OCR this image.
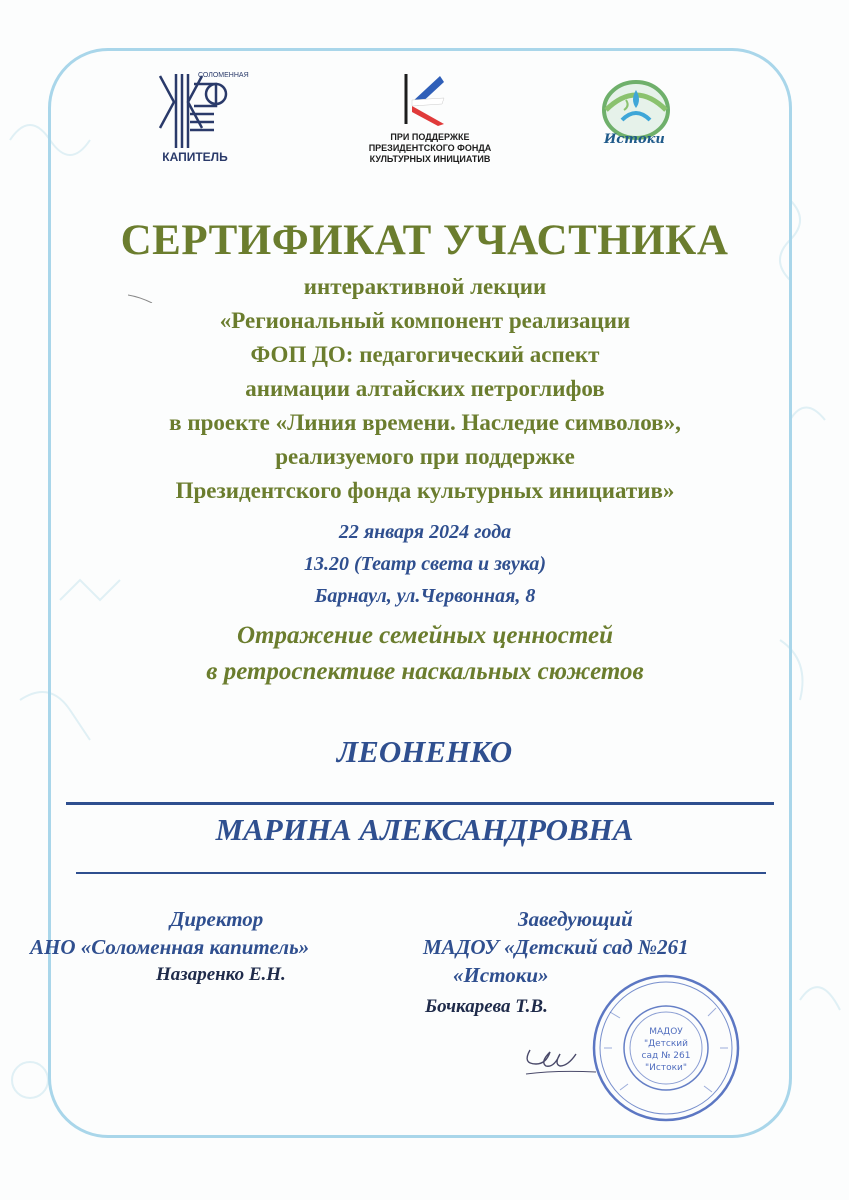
СОЛОМЕННАЯ
КАПИТЕЛЬ
ПРИ ПОДДЕРЖКЕ
ПРЕЗИДЕНТСКОГО ФОНДА
КУЛЬТУРНЫХ ИНИЦИАТИВ
Истоки
СЕРТИФИКАТ УЧАСТНИКА
интерактивной лекции
«Региональный компонент реализации
ФОП ДО: педагогический аспект
анимации алтайских петроглифов
в проекте «Линия времени. Наследие символов»,
реализуемого при поддержке
Президентского фонда культурных инициатив»
22 января 2024 года
13.20 (Театр света и звука)
Барнаул, ул.Червонная, 8
Отражение семейных ценностей
в ретроспективе наскальных сюжетов
ЛЕОНЕНКО
МАРИНА АЛЕКСАНДРОВНА
Директор
АНО «Соломенная капитель»
Назаренко Е.Н.
Заведующий
МАДОУ «Детский сад №261
«Истоки»
Бочкарева Т.В.
МАДОУ
"Детский
сад № 261
"Истоки"
